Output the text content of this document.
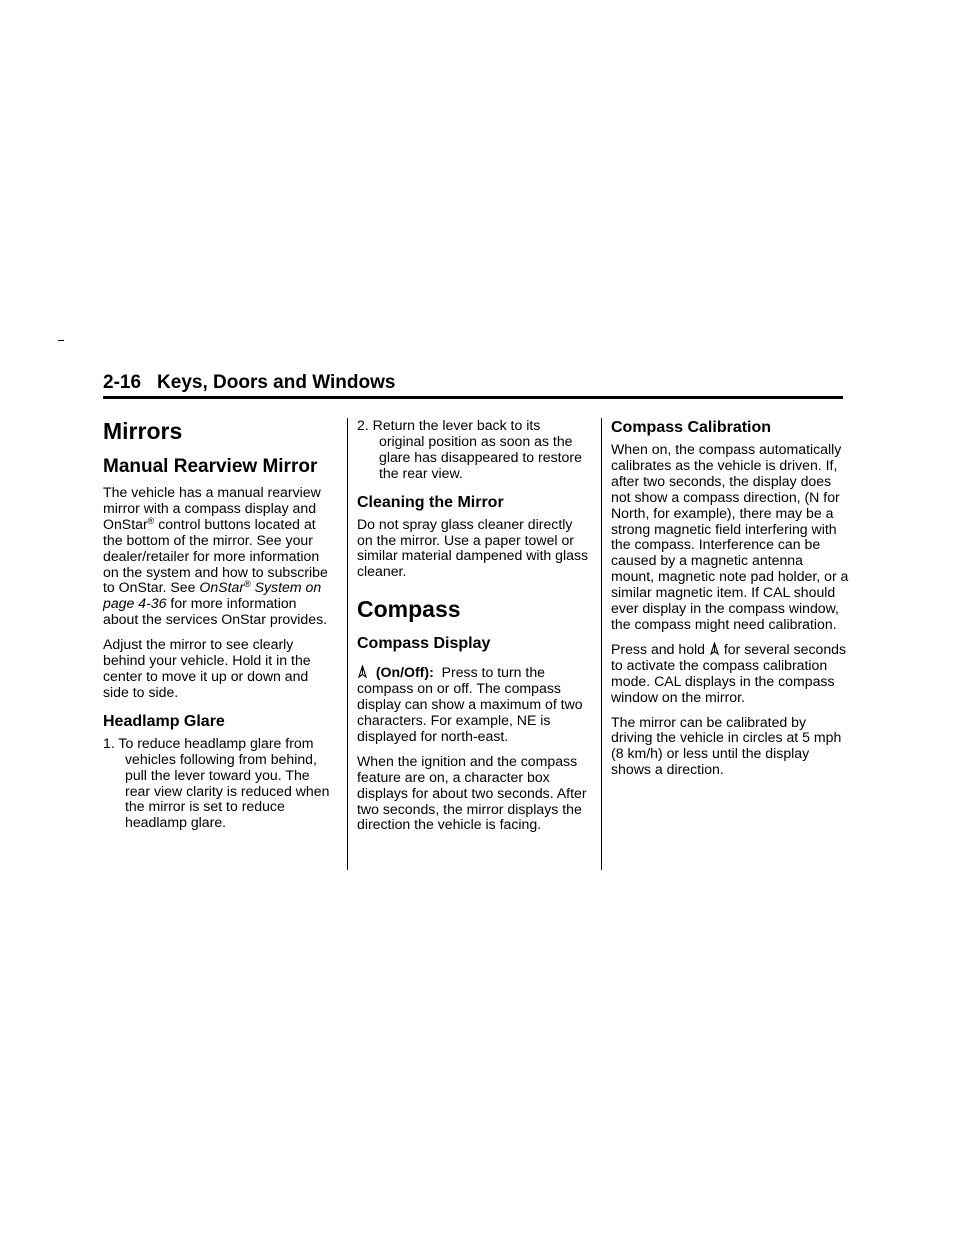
2-16 Keys, Doors and Windows
Mirrors
Manual Rearview Mirror

The vehicle has a manual rearview mirror with a compass display and OnStar® control buttons located at the bottom of the mirror. See your dealer/retailer for more information on the system and how to subscribe to OnStar. See OnStar® System on page 4‑36 for more information about the services OnStar provides.

Adjust the mirror to see clearly behind your vehicle. Hold it in the center to move it up or down and side to side.

Headlamp Glare
1. To reduce headlamp glare from vehicles following from behind, pull the lever toward you. The rear view clarity is reduced when the mirror is set to reduce headlamp glare.
2. Return the lever back to its original position as soon as the glare has disappeared to restore the rear view.
Cleaning the Mirror

Do not spray glass cleaner directly on the mirror. Use a paper towel or similar material dampened with glass cleaner.

Compass
Compass Display

(On/Off): Press to turn the compass on or off. The compass display can show a maximum of two characters. For example, NE is displayed for north-east.

When the ignition and the compass feature are on, a character box displays for about two seconds. After two seconds, the mirror displays the direction the vehicle is facing.

Compass Calibration

When on, the compass automatically calibrates as the vehicle is driven. If, after two seconds, the display does not show a compass direction, (N for North, for example), there may be a strong magnetic field interfering with the compass. Interference can be caused by a magnetic antenna mount, magnetic note pad holder, or a similar magnetic item. If CAL should ever display in the compass window, the compass might need calibration.

Press and hold
for several seconds to activate the compass calibration mode. CAL displays in the compass window on the mirror.

The mirror can be calibrated by driving the vehicle in circles at 5 mph (8 km/h) or less until the display shows a direction.
